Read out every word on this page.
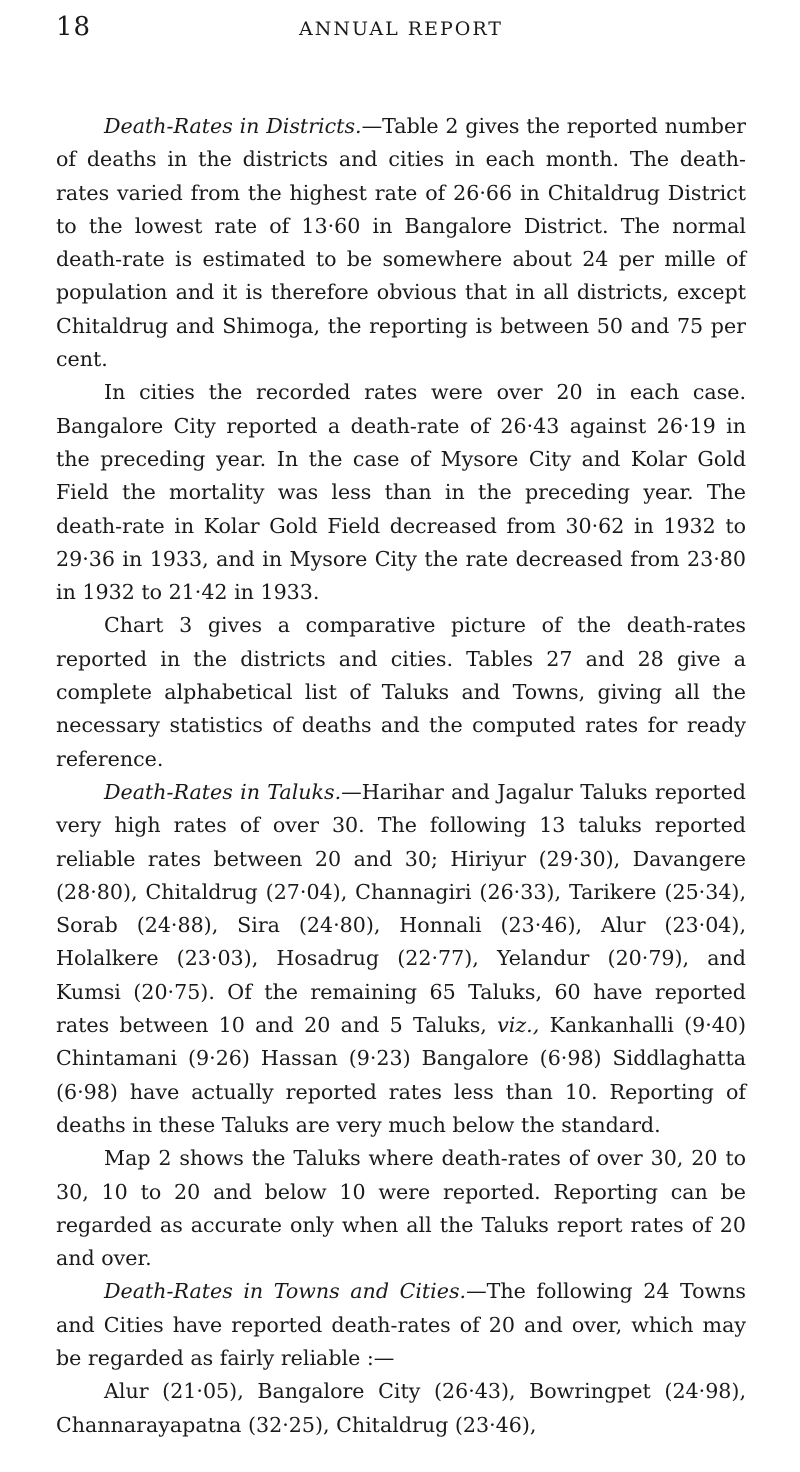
18	ANNUAL REPORT

Death-Rates in Districts.—Table 2 gives the reported number of deaths in the districts and cities in each month. The death-rates varied from the highest rate of 26·66 in Chitaldrug District to the lowest rate of 13·60 in Bangalore District. The normal death-rate is estimated to be somewhere about 24 per mille of population and it is therefore obvious that in all districts, except Chitaldrug and Shimoga, the reporting is between 50 and 75 per cent.

In cities the recorded rates were over 20 in each case. Bangalore City reported a death-rate of 26·43 against 26·19 in the preceding year. In the case of Mysore City and Kolar Gold Field the mortality was less than in the preceding year. The death-rate in Kolar Gold Field decreased from 30·62 in 1932 to 29·36 in 1933, and in Mysore City the rate decreased from 23·80 in 1932 to 21·42 in 1933.

Chart 3 gives a comparative picture of the death-rates reported in the districts and cities. Tables 27 and 28 give a complete alphabetical list of Taluks and Towns, giving all the necessary statistics of deaths and the computed rates for ready reference.

Death-Rates in Taluks.—Harihar and Jagalur Taluks reported very high rates of over 30. The following 13 taluks reported reliable rates between 20 and 30; Hiriyur (29·30), Davangere (28·80), Chitaldrug (27·04), Channagiri (26·33), Tarikere (25·34), Sorab (24·88), Sira (24·80), Honnali (23·46), Alur (23·04), Holalkere (23·03), Hosadrug (22·77), Yelandur (20·79), and Kumsi (20·75). Of the remaining 65 Taluks, 60 have reported rates between 10 and 20 and 5 Taluks, viz., Kankanhalli (9·40) Chintamani (9·26) Hassan (9·23) Bangalore (6·98) Siddlaghatta (6·98) have actually reported rates less than 10. Reporting of deaths in these Taluks are very much below the standard.

Map 2 shows the Taluks where death-rates of over 30, 20 to 30, 10 to 20 and below 10 were reported. Reporting can be regarded as accurate only when all the Taluks report rates of 20 and over.

Death-Rates in Towns and Cities.—The following 24 Towns and Cities have reported death-rates of 20 and over, which may be regarded as fairly reliable :—

Alur (21·05), Bangalore City (26·43), Bowringpet (24·98), Channarayapatna (32·25), Chitaldrug (23·46),
